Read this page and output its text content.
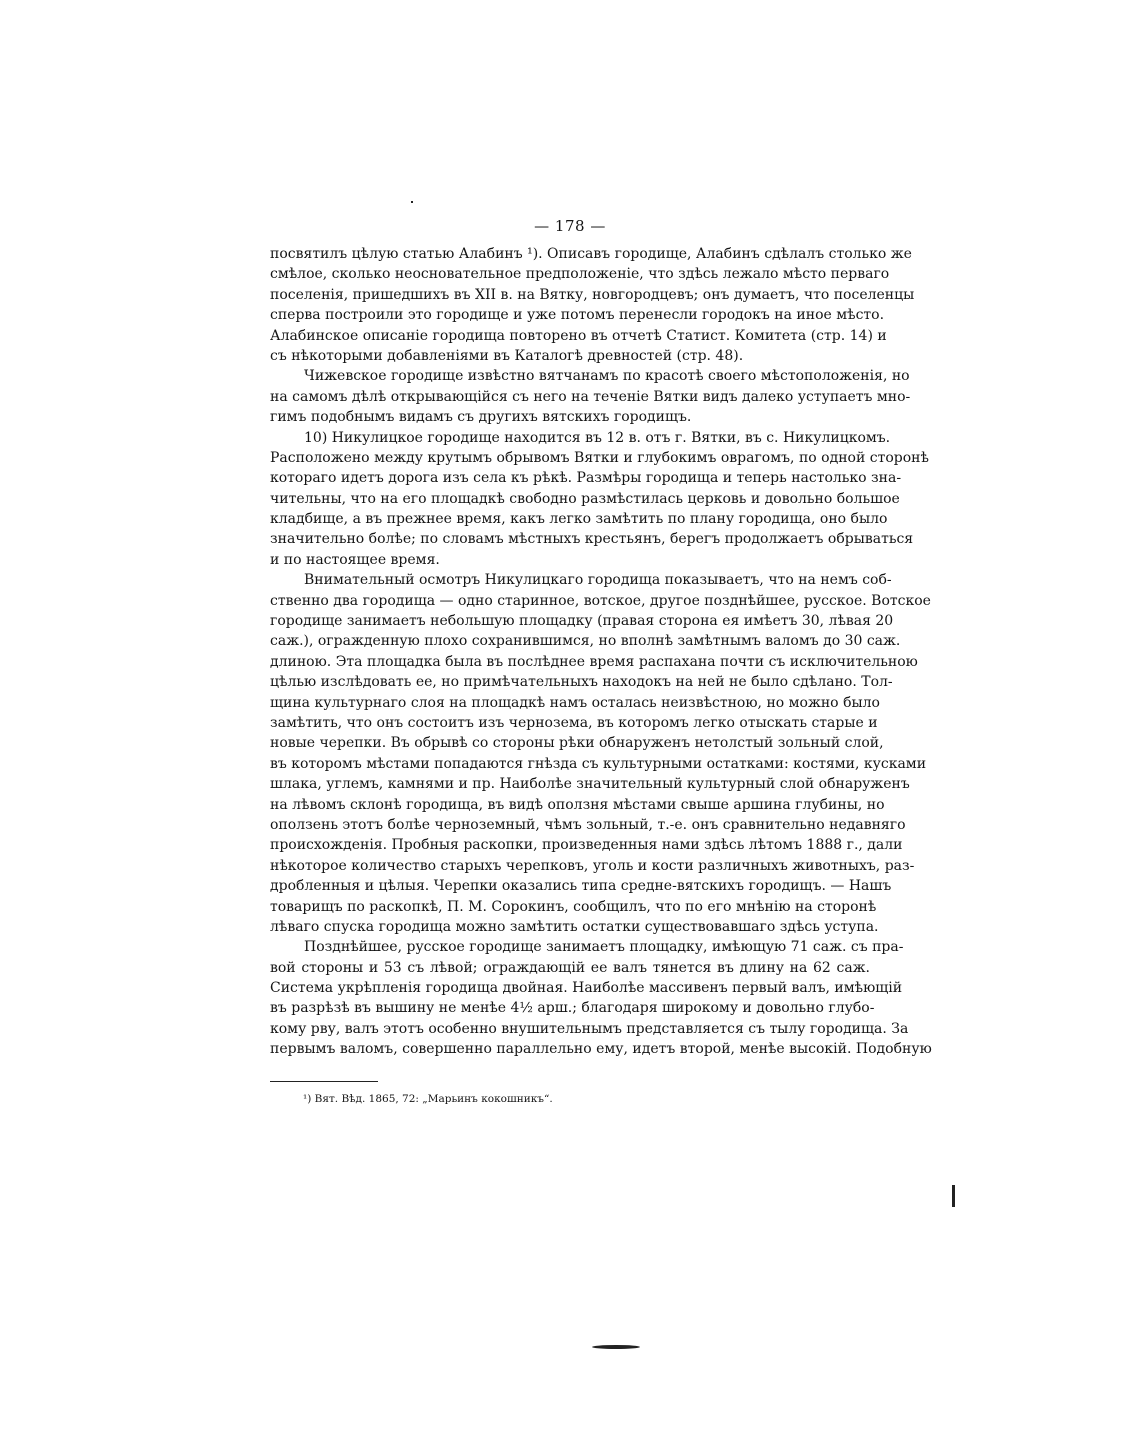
— 178 —
посвятилъ цѣлую статью Алабинъ ¹). Описавъ городище, Алабинъ сдѣлалъ столько же
смѣлое, сколько неосновательное предположеніе, что здѣсь лежало мѣсто перваго
поселенія, пришедшихъ въ XII в. на Вятку, новгородцевъ; онъ думаетъ, что поселенцы
сперва построили это городище и уже потомъ перенесли городокъ на иное мѣсто.
Алабинское описаніе городища повторено въ отчетѣ Статист. Комитета (стр. 14) и
съ нѣкоторыми добавленіями въ Каталогѣ древностей (стр. 48).
Чижевское городище извѣстно вятчанамъ по красотѣ своего мѣстоположенія, но
на самомъ дѣлѣ открывающійся съ него на теченіе Вятки видъ далеко уступаетъ мно-
гимъ подобнымъ видамъ съ другихъ вятскихъ городищъ.
10) Никулицкое городище находится въ 12 в. отъ г. Вятки, въ с. Никулицкомъ.
Расположено между крутымъ обрывомъ Вятки и глубокимъ оврагомъ, по одной сторонѣ
котораго идетъ дорога изъ села къ рѣкѣ. Размѣры городища и теперь настолько зна-
чительны, что на его площадкѣ свободно размѣстилась церковь и довольно большое
кладбище, а въ прежнее время, какъ легко замѣтить по плану городища, оно было
значительно болѣе; по словамъ мѣстныхъ крестьянъ, берегъ продолжаетъ обрываться
и по настоящее время.
Внимательный осмотръ Никулицкаго городища показываетъ, что на немъ соб-
ственно два городища — одно старинное, вотское, другое позднѣйшее, русское. Вотское
городище занимаетъ небольшую площадку (правая сторона ея имѣетъ 30, лѣвая 20
саж.), огражденную плохо сохранившимся, но вполнѣ замѣтнымъ валомъ до 30 саж.
длиною. Эта площадка была въ послѣднее время распахана почти съ исключительною
цѣлью изслѣдовать ее, но примѣчательныхъ находокъ на ней не было сдѣлано. Тол-
щина культурнаго слоя на площадкѣ намъ осталась неизвѣстною, но можно было
замѣтить, что онъ состоитъ изъ чернозема, въ которомъ легко отыскать старые и
новые черепки. Въ обрывѣ со стороны рѣки обнаруженъ нетолстый зольный слой,
въ которомъ мѣстами попадаются гнѣзда съ культурными остатками: костями, кусками
шлака, углемъ, камнями и пр. Наиболѣе значительный культурный слой обнаруженъ
на лѣвомъ склонѣ городища, въ видѣ оползня мѣстами свыше аршина глубины, но
оползень этотъ болѣе черноземный, чѣмъ зольный, т.-е. онъ сравнительно недавняго
происхожденія. Пробныя раскопки, произведенныя нами здѣсь лѣтомъ 1888 г., дали
нѣкоторое количество старыхъ черепковъ, уголь и кости различныхъ животныхъ, раз-
дробленныя и цѣлыя. Черепки оказались типа средне-вятскихъ городищъ. — Нашъ
товарищъ по раскопкѣ, П. М. Сорокинъ, сообщилъ, что по его мнѣнію на сторонѣ
лѣваго спуска городища можно замѣтить остатки существовавшаго здѣсь уступа.
Позднѣйшее, русское городище занимаетъ площадку, имѣющую 71 саж. съ пра-
вой стороны и 53 съ лѣвой; ограждающій ее валъ тянется въ длину на 62 саж.
Система укрѣпленія городища двойная. Наиболѣе массивенъ первый валъ, имѣющій
въ разрѣзѣ въ вышину не менѣе 4½ арш.; благодаря широкому и довольно глубо-
кому рву, валъ этотъ особенно внушительнымъ представляется съ тылу городища. За
первымъ валомъ, совершенно параллельно ему, идетъ второй, менѣе высокій. Подобную
¹) Вят. Вѣд. 1865, 72: „Марьинъ кокошникъ“.
